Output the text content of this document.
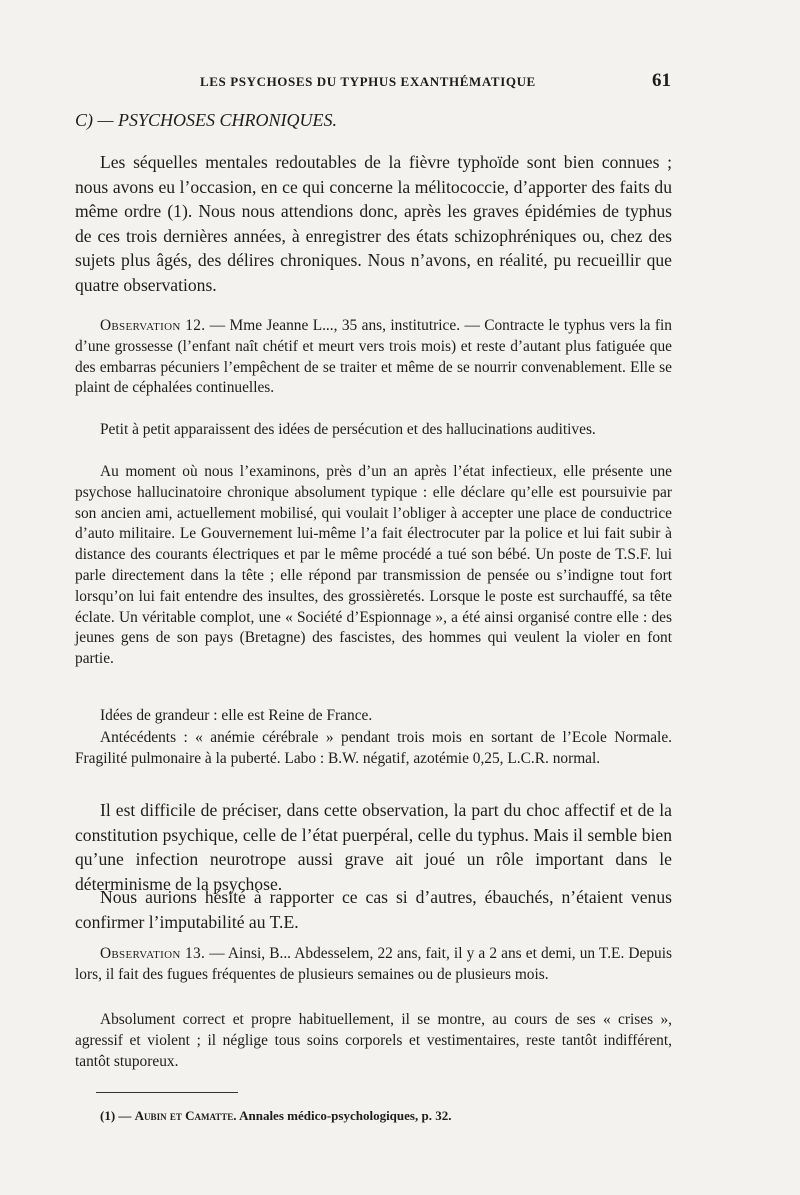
LES PSYCHOSES DU TYPHUS EXANTHÉMATIQUE	61
C) — PSYCHOSES CHRONIQUES.

Les séquelles mentales redoutables de la fièvre typhoïde sont bien connues ; nous avons eu l’occasion, en ce qui concerne la mélitococcie, d’apporter des faits du même ordre (1). Nous nous attendions donc, après les graves épidémies de typhus de ces trois dernières années, à enregistrer des états schizophréniques ou, chez des sujets plus âgés, des délires chroniques. Nous n’avons, en réalité, pu recueillir que quatre observations.

Observation 12. — Mme Jeanne L..., 35 ans, institutrice. — Contracte le typhus vers la fin d’une grossesse (l’enfant naît chétif et meurt vers trois mois) et reste d’autant plus fatiguée que des embarras pécuniers l’empêchent de se traiter et même de se nourrir convenablement. Elle se plaint de céphalées continuelles.

Petit à petit apparaissent des idées de persécution et des hallucinations auditives.

Au moment où nous l’examinons, près d’un an après l’état infectieux, elle présente une psychose hallucinatoire chronique absolument typique : elle déclare qu’elle est poursuivie par son ancien ami, actuellement mobilisé, qui voulait l’obliger à accepter une place de conductrice d’auto militaire. Le Gouvernement lui-même l’a fait électrocuter par la police et lui fait subir à distance des courants électriques et par le même procédé a tué son bébé. Un poste de T.S.F. lui parle directement dans la tête ; elle répond par transmission de pensée ou s’indigne tout fort lorsqu’on lui fait entendre des insultes, des grossièretés. Lorsque le poste est surchauffé, sa tête éclate. Un véritable complot, une « Société d’Espionnage », a été ainsi organisé contre elle : des jeunes gens de son pays (Bretagne) des fascistes, des hommes qui veulent la violer en font partie.

Idées de grandeur : elle est Reine de France.

Antécédents : « anémie cérébrale » pendant trois mois en sortant de l’Ecole Normale. Fragilité pulmonaire à la puberté. Labo : B.W. négatif, azotémie 0,25, L.C.R. normal.

Il est difficile de préciser, dans cette observation, la part du choc affectif et de la constitution psychique, celle de l’état puerpéral, celle du typhus. Mais il semble bien qu’une infection neurotrope aussi grave ait joué un rôle important dans le déterminisme de la psychose.

Nous aurions hésité à rapporter ce cas si d’autres, ébauchés, n’étaient venus confirmer l’imputabilité au T.E.

Observation 13. — Ainsi, B... Abdesselem, 22 ans, fait, il y a 2 ans et demi, un T.E. Depuis lors, il fait des fugues fréquentes de plusieurs semaines ou de plusieurs mois.

Absolument correct et propre habituellement, il se montre, au cours de ses « crises », agressif et violent ; il néglige tous soins corporels et vestimentaires, reste tantôt indifférent, tantôt stuporeux.

(1) — Aubin et Camatte. Annales médico-psychologiques, p. 32.
